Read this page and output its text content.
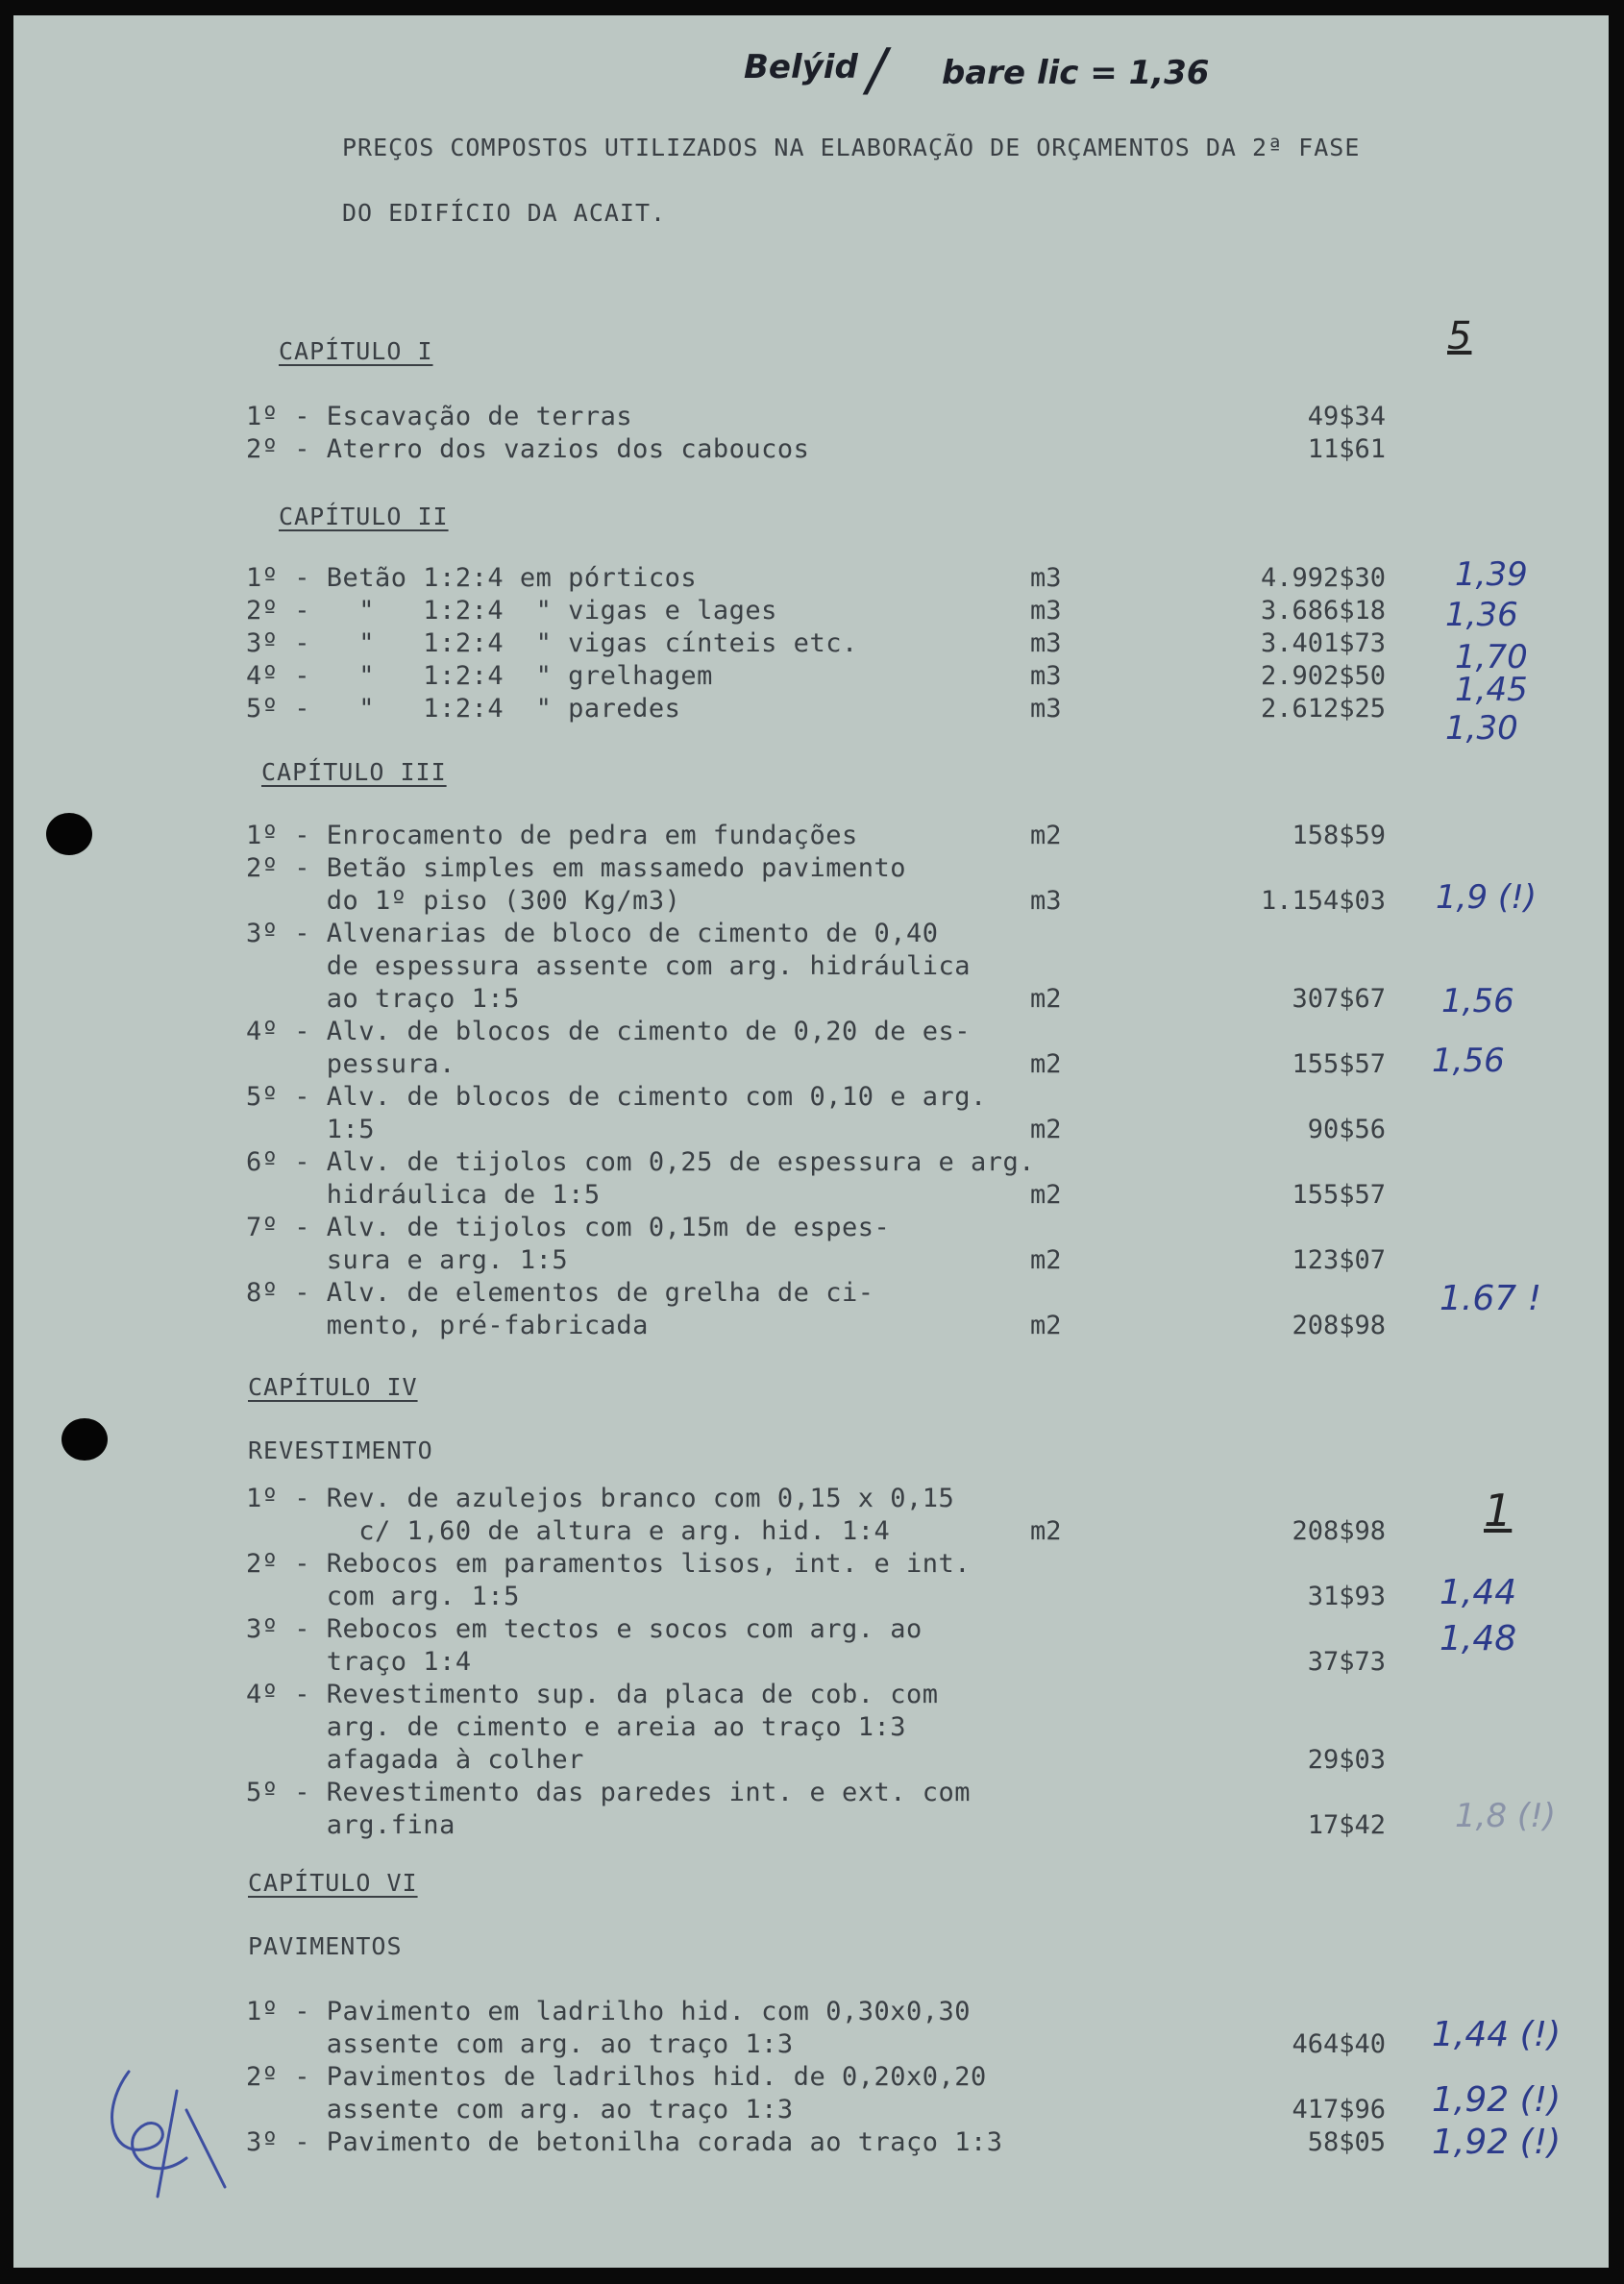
Belýid / bare lic = 1,36
PREÇOS COMPOSTOS UTILIZADOS NA ELABORAÇÃO DE ORÇAMENTOS DA 2ª FASE
DO EDIFÍCIO DA ACAIT.
5
1
CAPÍTULO I
1º - Escavação de terras	49$34
2º - Aterro dos vazios dos caboucos	11$61
CAPÍTULO II
1º - Betão 1:2:4 em pórticos	m3	4.992$30 1,39
2º -   "   1:2:4  " vigas e lages	m3	3.686$18 1,36
3º -   "   1:2:4  " vigas cínteis etc.	m3	3.401$73 1,70
4º -   "   1:2:4  " grelhagem	m3	2.902$50 1,45
5º -   "   1:2:4  " paredes	m3	2.612$25
1,30
CAPÍTULO III
1º - Enrocamento de pedra em fundações	m2	158$59
2º - Betão simples em massamedo pavimento
do 1º piso (300 Kg/m3)	m3	1.154$03 1,9 (!)
3º - Alvenarias de bloco de cimento de 0,40
de espessura assente com arg. hidráulica
ao traço 1:5	m2	307$67 1,56
4º - Alv. de blocos de cimento de 0,20 de es-
pessura.	m2	155$57 1,56
5º - Alv. de blocos de cimento com 0,10 e arg.
1:5	m2	90$56
6º - Alv. de tijolos com 0,25 de espessura e arg.
hidráulica de 1:5	m2	155$57
7º - Alv. de tijolos com 0,15m de espes-
sura e arg. 1:5	m2	123$07
8º - Alv. de elementos de grelha de ci-
mento, pré-fabricada	m2	208$98
1.67 !
CAPÍTULO IV
REVESTIMENTO
1º - Rev. de azulejos branco com 0,15 x 0,15
c/ 1,60 de altura e arg. hid. 1:4	m2	208$98
2º - Rebocos em paramentos lisos, int. e int.
com arg. 1:5	31$93 1,44
3º - Rebocos em tectos e socos com arg. ao
traço 1:4	37$73
1,48
4º - Revestimento sup. da placa de cob. com
arg. de cimento e areia ao traço 1:3
afagada à colher	29$03
5º - Revestimento das paredes int. e ext. com
arg.fina	17$42 1,8 (!)
CAPÍTULO VI
PAVIMENTOS
1º - Pavimento em ladrilho hid. com 0,30x0,30
assente com arg. ao traço 1:3	464$40 1,44 (!)
2º - Pavimentos de ladrilhos hid. de 0,20x0,20
assente com arg. ao traço 1:3	417$96 1,92 (!)
3º - Pavimento de betonilha corada ao traço 1:3	58$05 1,92 (!)
